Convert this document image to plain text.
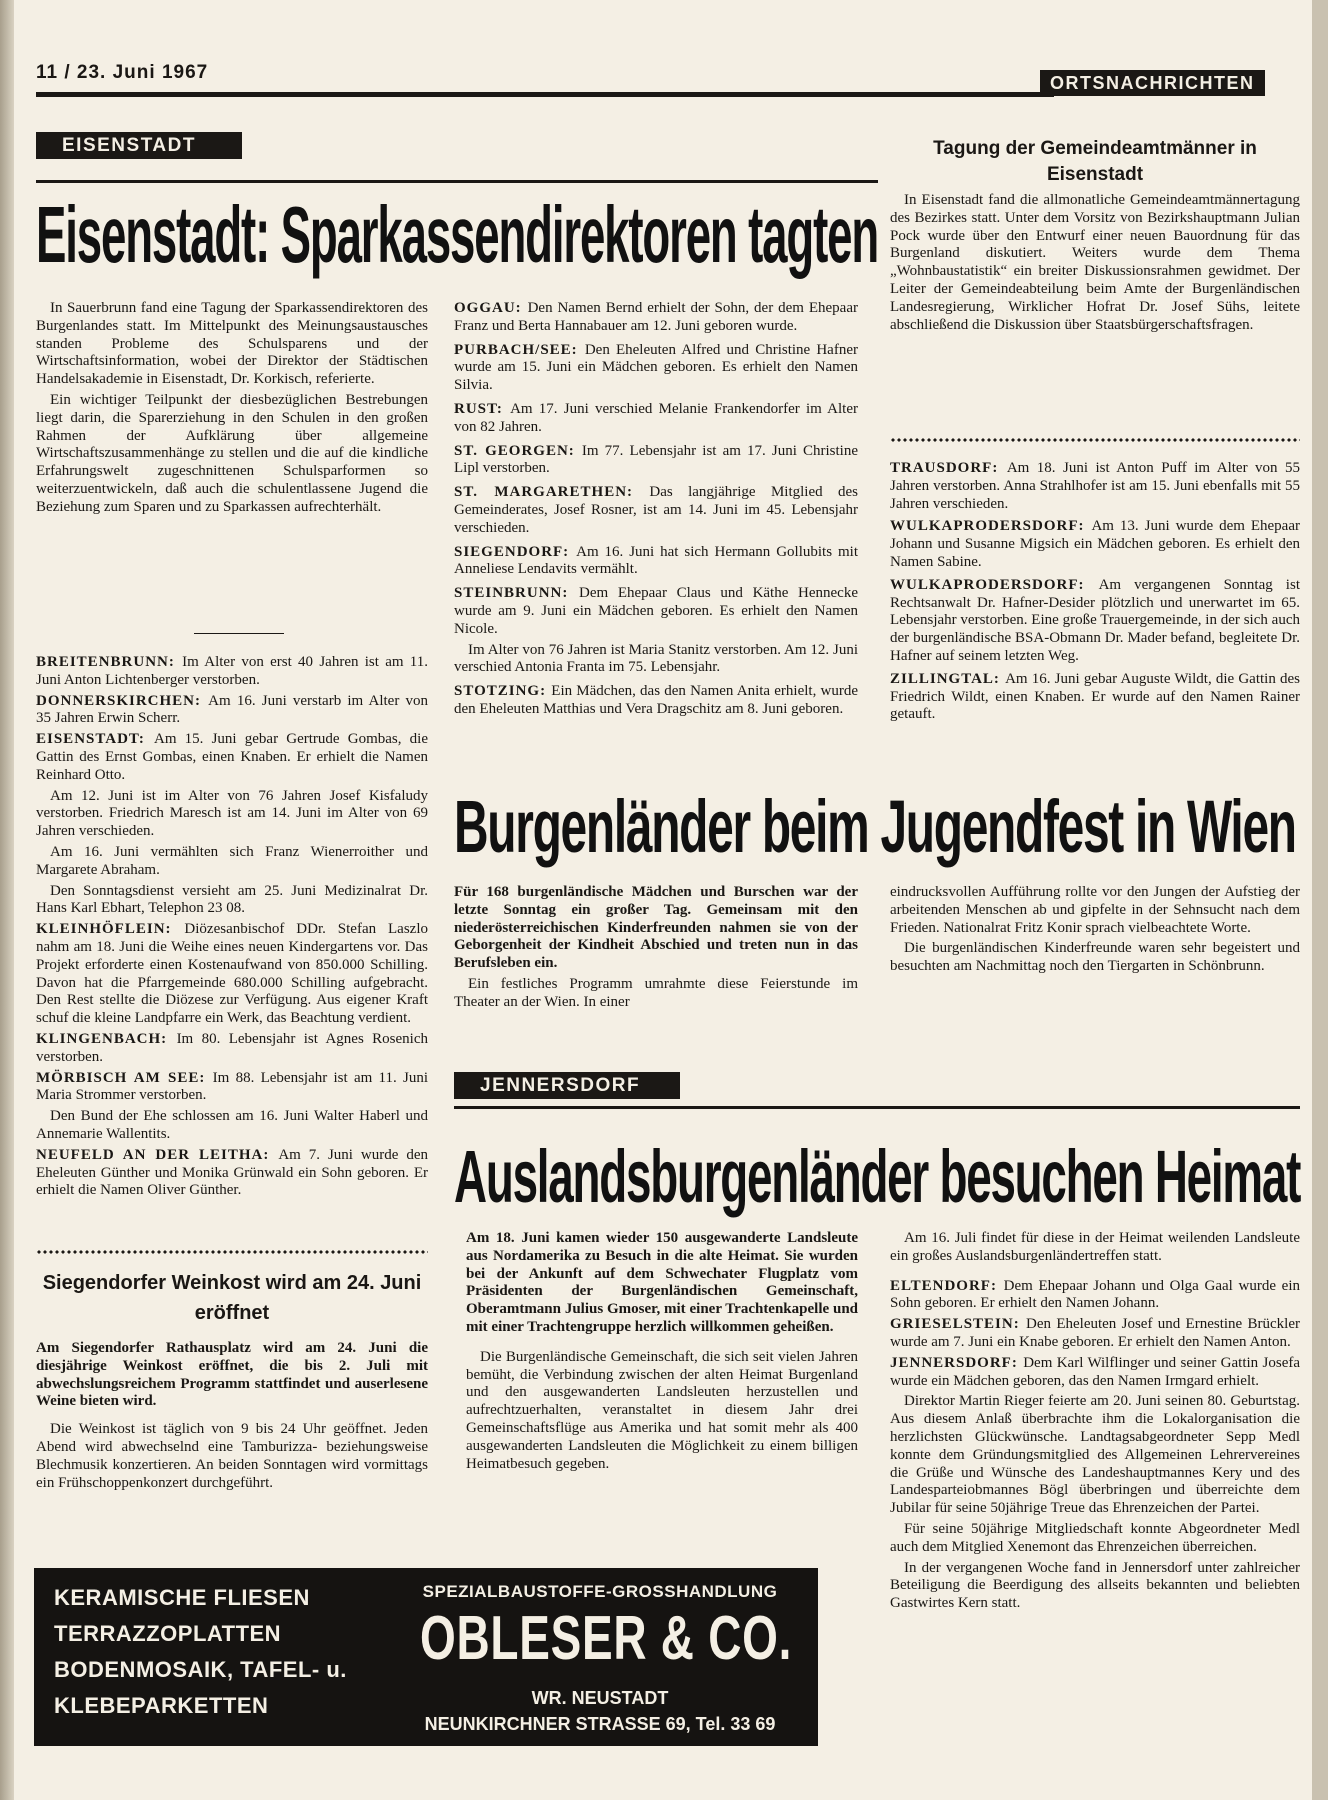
11 / 23. Juni 1967	ORTSNACHRICHTEN
EISENSTADT
Eisenstadt: Sparkassendirektoren tagten

In Sauerbrunn fand eine Tagung der Sparkassendirektoren des Burgenlandes statt. Im Mittelpunkt des Meinungsaustausches standen Probleme des Schulsparens und der Wirtschaftsinformation, wobei der Direktor der Städtischen Handelsakademie in Eisenstadt, Dr. Korkisch, referierte.

Ein wichtiger Teilpunkt der diesbezüglichen Bestrebungen liegt darin, die Sparerziehung in den Schulen in den großen Rahmen der Aufklärung über allgemeine Wirtschaftszusammenhänge zu stellen und die auf die kindliche Erfahrungswelt zugeschnittenen Schulsparformen so weiterzuentwickeln, daß auch die schulentlassene Jugend die Beziehung zum Sparen und zu Sparkassen aufrechterhält.

BREITENBRUNN: Im Alter von erst 40 Jahren ist am 11. Juni Anton Lichtenberger verstorben.

DONNERSKIRCHEN: Am 16. Juni verstarb im Alter von 35 Jahren Erwin Scherr.

EISENSTADT: Am 15. Juni gebar Gertrude Gombas, die Gattin des Ernst Gombas, einen Knaben. Er erhielt die Namen Reinhard Otto.

Am 12. Juni ist im Alter von 76 Jahren Josef Kisfaludy verstorben. Friedrich Maresch ist am 14. Juni im Alter von 69 Jahren verschieden.

Am 16. Juni vermählten sich Franz Wienerroither und Margarete Abraham.

Den Sonntagsdienst versieht am 25. Juni Medizinalrat Dr. Hans Karl Ebhart, Telephon 23 08.

KLEINHÖFLEIN: Diözesanbischof DDr. Stefan Laszlo nahm am 18. Juni die Weihe eines neuen Kindergartens vor. Das Projekt erforderte einen Kostenaufwand von 850.000 Schilling. Davon hat die Pfarrgemeinde 680.000 Schilling aufgebracht. Den Rest stellte die Diözese zur Verfügung. Aus eigener Kraft schuf die kleine Landpfarre ein Werk, das Beachtung verdient.

KLINGENBACH: Im 80. Lebensjahr ist Agnes Rosenich verstorben.

MÖRBISCH AM SEE: Im 88. Lebensjahr ist am 11. Juni Maria Strommer verstorben.

Den Bund der Ehe schlossen am 16. Juni Walter Haberl und Annemarie Wallentits.

NEUFELD AN DER LEITHA: Am 7. Juni wurde den Eheleuten Günther und Monika Grünwald ein Sohn geboren. Er erhielt die Namen Oliver Günther.

OGGAU: Den Namen Bernd erhielt der Sohn, der dem Ehepaar Franz und Berta Hannabauer am 12. Juni geboren wurde.

PURBACH/SEE: Den Eheleuten Alfred und Christine Hafner wurde am 15. Juni ein Mädchen geboren. Es erhielt den Namen Silvia.

RUST: Am 17. Juni verschied Melanie Frankendorfer im Alter von 82 Jahren.

ST. GEORGEN: Im 77. Lebensjahr ist am 17. Juni Christine Lipl verstorben.

ST. MARGARETHEN: Das langjährige Mitglied des Gemeinderates, Josef Rosner, ist am 14. Juni im 45. Lebensjahr verschieden.

SIEGENDORF: Am 16. Juni hat sich Hermann Gollubits mit Anneliese Lendavits vermählt.

STEINBRUNN: Dem Ehepaar Claus und Käthe Hennecke wurde am 9. Juni ein Mädchen geboren. Es erhielt den Namen Nicole.

Im Alter von 76 Jahren ist Maria Stanitz verstorben. Am 12. Juni verschied Antonia Franta im 75. Lebensjahr.

STOTZING: Ein Mädchen, das den Namen Anita erhielt, wurde den Eheleuten Matthias und Vera Dragschitz am 8. Juni geboren.

Tagung der Gemeindeamtmänner in Eisenstadt

In Eisenstadt fand die allmonatliche Gemeindeamtmännertagung des Bezirkes statt. Unter dem Vorsitz von Bezirkshauptmann Julian Pock wurde über den Entwurf einer neuen Bauordnung für das Burgenland diskutiert. Weiters wurde dem Thema „Wohnbaustatistik“ ein breiter Diskussionsrahmen gewidmet. Der Leiter der Gemeindeabteilung beim Amte der Burgenländischen Landesregierung, Wirklicher Hofrat Dr. Josef Sühs, leitete abschließend die Diskussion über Staatsbürgerschaftsfragen.

TRAUSDORF: Am 18. Juni ist Anton Puff im Alter von 55 Jahren verstorben. Anna Strahlhofer ist am 15. Juni ebenfalls mit 55 Jahren verschieden.

WULKAPRODERSDORF: Am 13. Juni wurde dem Ehepaar Johann und Susanne Migsich ein Mädchen geboren. Es erhielt den Namen Sabine.

WULKAPRODERSDORF: Am vergangenen Sonntag ist Rechtsanwalt Dr. Hafner-Desider plötzlich und unerwartet im 65. Lebensjahr verstorben. Eine große Trauergemeinde, in der sich auch der burgenländische BSA-Obmann Dr. Mader befand, begleitete Dr. Hafner auf seinem letzten Weg.

ZILLINGTAL: Am 16. Juni gebar Auguste Wildt, die Gattin des Friedrich Wildt, einen Knaben. Er wurde auf den Namen Rainer getauft.

Burgenländer beim Jugendfest in Wien

Für 168 burgenländische Mädchen und Burschen war der letzte Sonntag ein großer Tag. Gemeinsam mit den niederösterreichischen Kinderfreunden nahmen sie von der Geborgenheit der Kindheit Abschied und treten nun in das Berufsleben ein.

Ein festliches Programm umrahmte diese Feierstunde im Theater an der Wien. In einer

eindrucksvollen Aufführung rollte vor den Jungen der Aufstieg der arbeitenden Menschen ab und gipfelte in der Sehnsucht nach dem Frieden. Nationalrat Fritz Konir sprach vielbeachtete Worte.

Die burgenländischen Kinderfreunde waren sehr begeistert und besuchten am Nachmittag noch den Tiergarten in Schönbrunn.

Siegendorfer Weinkost wird am 24. Juni eröffnet

Am Siegendorfer Rathausplatz wird am 24. Juni die diesjährige Weinkost eröffnet, die bis 2. Juli mit abwechslungsreichem Programm stattfindet und auserlesene Weine bieten wird.

Die Weinkost ist täglich von 9 bis 24 Uhr geöffnet. Jeden Abend wird abwechselnd eine Tamburizza- beziehungsweise Blechmusik konzertieren. An beiden Sonntagen wird vormittags ein Frühschoppenkonzert durchgeführt.

JENNERSDORF
Auslandsburgenländer besuchen Heimat

Am 18. Juni kamen wieder 150 ausgewanderte Landsleute aus Nordamerika zu Besuch in die alte Heimat. Sie wurden bei der Ankunft auf dem Schwechater Flugplatz vom Präsidenten der Burgenländischen Gemeinschaft, Oberamtmann Julius Gmoser, mit einer Trachtenkapelle und mit einer Trachtengruppe herzlich willkommen geheißen.

Die Burgenländische Gemeinschaft, die sich seit vielen Jahren bemüht, die Verbindung zwischen der alten Heimat Burgenland und den ausgewanderten Landsleuten herzustellen und aufrechtzuerhalten, veranstaltet in diesem Jahr drei Gemeinschaftsflüge aus Amerika und hat somit mehr als 400 ausgewanderten Landsleuten die Möglichkeit zu einem billigen Heimatbesuch gegeben.

Am 16. Juli findet für diese in der Heimat weilenden Landsleute ein großes Auslandsburgenländertreffen statt.

ELTENDORF: Dem Ehepaar Johann und Olga Gaal wurde ein Sohn geboren. Er erhielt den Namen Johann.

GRIESELSTEIN: Den Eheleuten Josef und Ernestine Brückler wurde am 7. Juni ein Knabe geboren. Er erhielt den Namen Anton.

JENNERSDORF: Dem Karl Wilflinger und seiner Gattin Josefa wurde ein Mädchen geboren, das den Namen Irmgard erhielt.

Direktor Martin Rieger feierte am 20. Juni seinen 80. Geburtstag. Aus diesem Anlaß überbrachte ihm die Lokalorganisation die herzlichsten Glückwünsche. Landtagsabgeordneter Sepp Medl konnte dem Gründungsmitglied des Allgemeinen Lehrervereines die Grüße und Wünsche des Landeshauptmannes Kery und des Landesparteiobmannes Bögl überbringen und überreichte dem Jubilar für seine 50jährige Treue das Ehrenzeichen der Partei.

Für seine 50jährige Mitgliedschaft konnte Abgeordneter Medl auch dem Mitglied Xenemont das Ehrenzeichen überreichen.

In der vergangenen Woche fand in Jennersdorf unter zahlreicher Beteiligung die Beerdigung des allseits bekannten und beliebten Gastwirtes Kern statt.

KERAMISCHE FLIESEN
TERRAZZOPLATTEN
BODENMOSAIK, TAFEL- u.
KLEBEPARKETTEN
SPEZIALBAUSTOFFE-GROSSHANDLUNG
OBLESER & CO.
WR. NEUSTADT
NEUNKIRCHNER STRASSE 69, Tel. 33 69
